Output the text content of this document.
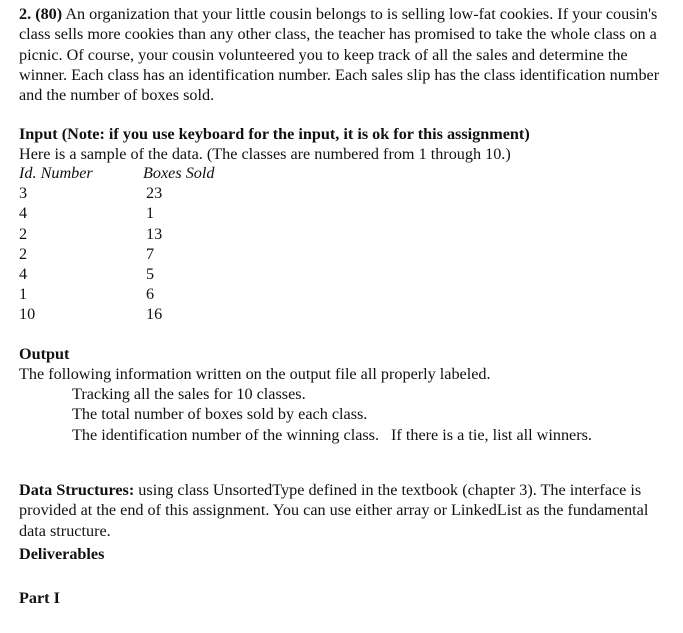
2. (80) An organization that your little cousin belongs to is selling low-fat cookies. If your cousin's class sells more cookies than any other class, the teacher has promised to take the whole class on a picnic. Of course, your cousin volunteered you to keep track of all the sales and determine the winner. Each class has an identification number. Each sales slip has the class identification number and the number of boxes sold.

Input (Note: if you use keyboard for the input, it is ok for this assignment)
Here is a sample of the data. (The classes are numbered from 1 through 10.)
Id. Number	Boxes Sold
3	23
4	1
2	13
2	7
4	5
1	6
10	16
Output
The following information written on the output file all properly labeled.
Tracking all the sales for 10 classes.
The total number of boxes sold by each class.
The identification number of the winning class. If there is a tie, list all winners.

Data Structures: using class UnsortedType defined in the textbook (chapter 3). The interface is provided at the end of this assignment. You can use either array or LinkedList as the fundamental data structure.

Deliverables
Part I
